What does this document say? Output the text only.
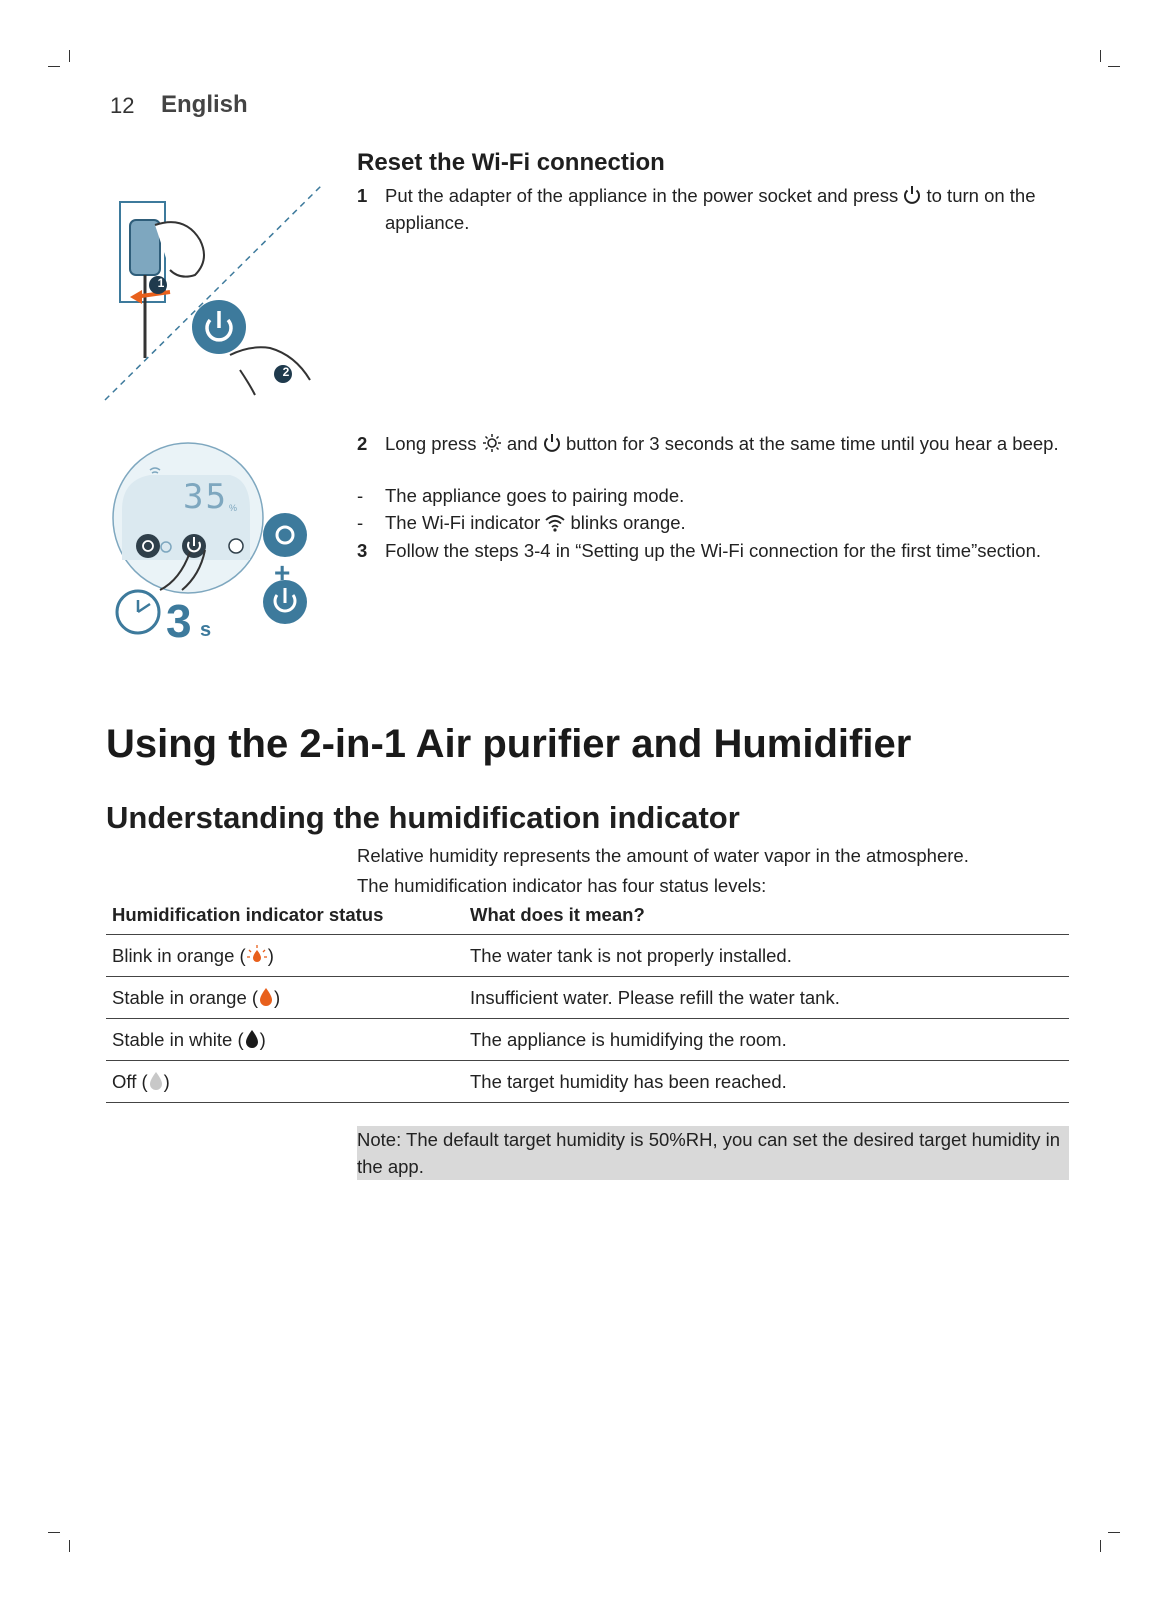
12 English
1
2
Reset the Wi-Fi connection
1 Put the adapter of the appliance in the power socket and press to turn on the appliance.
35 %
+
3 s
2 Long press and button for 3 seconds at the same time until you hear a beep.
- The appliance goes to pairing mode.
- The Wi-Fi indicator blinks orange.
3 Follow the steps 3-4 in “Setting up the Wi-Fi connection for the first time”section.
Using the 2-in-1 Air purifier and Humidifier
Understanding the humidification indicator
Relative humidity represents the amount of water vapor in the atmosphere.
The humidification indicator has four status levels:
Humidification indicator status	What does it mean?
Blink in orange ( )	The water tank is not properly installed.
Stable in orange ( )	Insufficient water. Please refill the water tank.
Stable in white ( )	The appliance is humidifying the room.
Off ( )	The target humidity has been reached.
Note: The default target humidity is 50%RH, you can set the desired target humidity in the app.
